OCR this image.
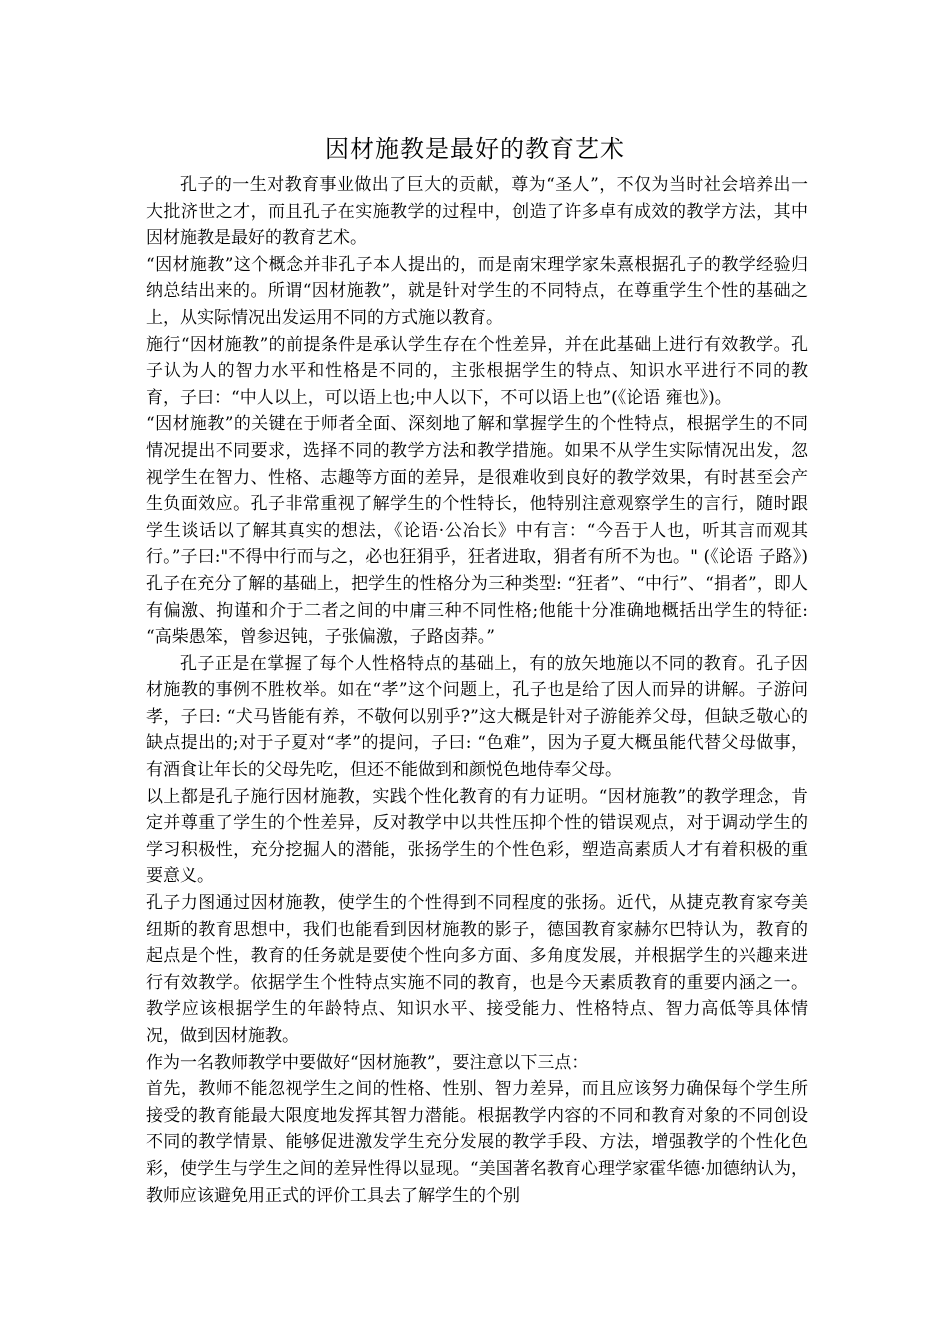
因材施教是最好的教育艺术

孔子的一生对教育事业做出了巨大的贡献，尊为“圣人”，不仅为当时社会培养出一大批济世之才，而且孔子在实施教学的过程中，创造了许多卓有成效的教学方法，其中因材施教是最好的教育艺术。

“因材施教”这个概念并非孔子本人提出的，而是南宋理学家朱熹根据孔子的教学经验归纳总结出来的。所谓“因材施教”，就是针对学生的不同特点，在尊重学生个性的基础之上，从实际情况出发运用不同的方式施以教育。

施行“因材施教”的前提条件是承认学生存在个性差异，并在此基础上进行有效教学。孔子认为人的智力水平和性格是不同的，主张根据学生的特点、知识水平进行不同的教育，子曰：“中人以上，可以语上也;中人以下，不可以语上也”(《论语 雍也》)。

“因材施教”的关键在于师者全面、深刻地了解和掌握学生的个性特点，根据学生的不同情况提出不同要求，选择不同的教学方法和教学措施。如果不从学生实际情况出发，忽视学生在智力、性格、志趣等方面的差异，是很难收到良好的教学效果，有时甚至会产生负面效应。孔子非常重视了解学生的个性特长，他特别注意观察学生的言行，随时跟学生谈话以了解其真实的想法，《论语·公冶长》中有言：“今吾于人也，听其言而观其行。”子曰:"不得中行而与之，必也狂狷乎，狂者进取，狷者有所不为也。" (《论语 子路》)孔子在充分了解的基础上，把学生的性格分为三种类型: “狂者”、“中行”、“捐者”，即人有偏激、拘谨和介于二者之间的中庸三种不同性格;他能十分准确地概括出学生的特征: “高柴愚笨，曾参迟钝，子张偏激，子路卤莽。”

孔子正是在掌握了每个人性格特点的基础上，有的放矢地施以不同的教育。孔子因材施教的事例不胜枚举。如在“孝”这个问题上，孔子也是给了因人而异的讲解。子游问孝，子曰: “犬马皆能有养，不敬何以别乎?”这大概是针对子游能养父母，但缺乏敬心的缺点提出的;对于子夏对“孝”的提问，子曰: “色难”，因为子夏大概虽能代替父母做事，有酒食让年长的父母先吃，但还不能做到和颜悦色地侍奉父母。

以上都是孔子施行因材施教，实践个性化教育的有力证明。“因材施教”的教学理念，肯定并尊重了学生的个性差异，反对教学中以共性压抑个性的错误观点，对于调动学生的学习积极性，充分挖掘人的潜能，张扬学生的个性色彩，塑造高素质人才有着积极的重要意义。

孔子力图通过因材施教，使学生的个性得到不同程度的张扬。近代，从捷克教育家夸美纽斯的教育思想中，我们也能看到因材施教的影子，德国教育家赫尔巴特认为，教育的起点是个性，教育的任务就是要使个性向多方面、多角度发展，并根据学生的兴趣来进行有效教学。依据学生个性特点实施不同的教育，也是今天素质教育的重要内涵之一。教学应该根据学生的年龄特点、知识水平、接受能力、性格特点、智力高低等具体情况，做到因材施教。

作为一名教师教学中要做好“因材施教”，要注意以下三点：

首先，教师不能忽视学生之间的性格、性别、智力差异，而且应该努力确保每个学生所接受的教育能最大限度地发挥其智力潜能。根据教学内容的不同和教育对象的不同创设不同的教学情景、能够促进激发学生充分发展的教学手段、方法，增强教学的个性化色彩，使学生与学生之间的差异性得以显现。“美国著名教育心理学家霍华德·加德纳认为，教师应该避免用正式的评价工具去了解学生的个别
